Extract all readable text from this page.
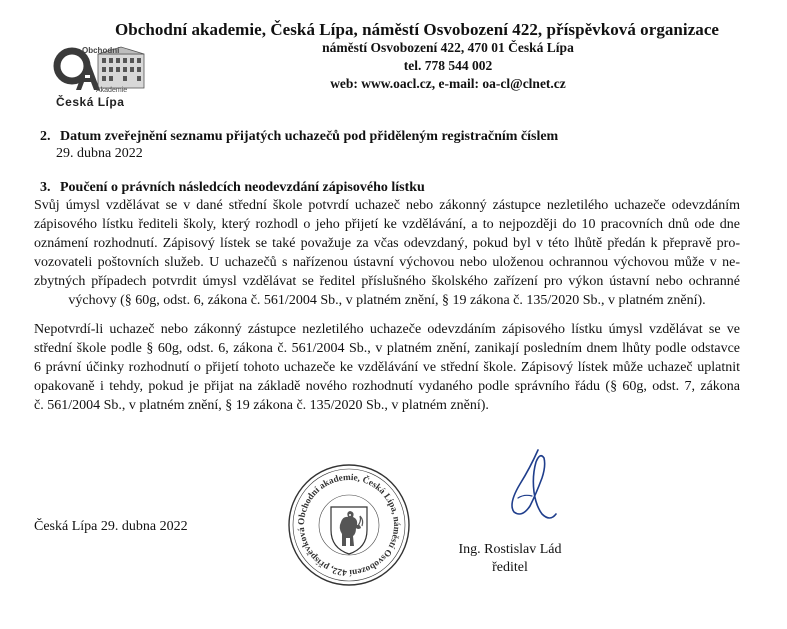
Obchodní
Akademie
Česká Lípa
Obchodní akademie, Česká Lípa, náměstí Osvobození 422, příspěvková organizace
náměstí Osvobození 422, 470 01 Česká Lípa
tel. 778 544 002
web: www.oacl.cz, e-mail: oa-cl@clnet.cz
2. Datum zveřejnění seznamu přijatých uchazečů pod přiděleným registračním číslem
29. dubna 2022
3. Poučení o právních následcích neodevzdání zápisového lístku
Svůj úmysl vzdělávat se v dané střední škole potvrdí uchazeč nebo zákonný zástupce nezletilého uchazeče odevzdáním
zápisového lístku řediteli školy, který rozhodl o jeho přijetí ke vzdělávání, a to nejpozději do 10 pracovních dnů ode dne
oznámení rozhodnutí. Zápisový lístek se také považuje za včas odevzdaný, pokud byl v této lhůtě předán k přepravě pro-
vozovateli poštovních služeb. U uchazečů s nařízenou ústavní výchovou nebo uloženou ochrannou výchovou může v ne-
zbytných případech potvrdit úmysl vzdělávat se ředitel příslušného školského zařízení pro výkon ústavní nebo ochranné
výchovy (§ 60g, odst. 6, zákona č. 561/2004 Sb., v platném znění, § 19 zákona č. 135/2020 Sb., v platném znění).
Nepotvrdí-li uchazeč nebo zákonný zástupce nezletilého uchazeče odevzdáním zápisového lístku úmysl vzdělávat se ve
střední škole podle § 60g, odst. 6, zákona č. 561/2004 Sb., v platném znění, zanikají posledním dnem lhůty podle odstavce
6 právní účinky rozhodnutí o přijetí tohoto uchazeče ke vzdělávání ve střední škole. Zápisový lístek může uchazeč uplatnit
opakovaně i tehdy, pokud je přijat na základě nového rozhodnutí vydaného podle správního řádu (§ 60g, odst. 7, zákona
č. 561/2004 Sb., v platném znění, § 19 zákona č. 135/2020 Sb., v platném znění).
Česká Lípa 29. dubna 2022	Obchodní akademie, Česká Lípa, náměstí Osvobození 422, příspěvková
Ing. Rostislav Lád
ředitel
